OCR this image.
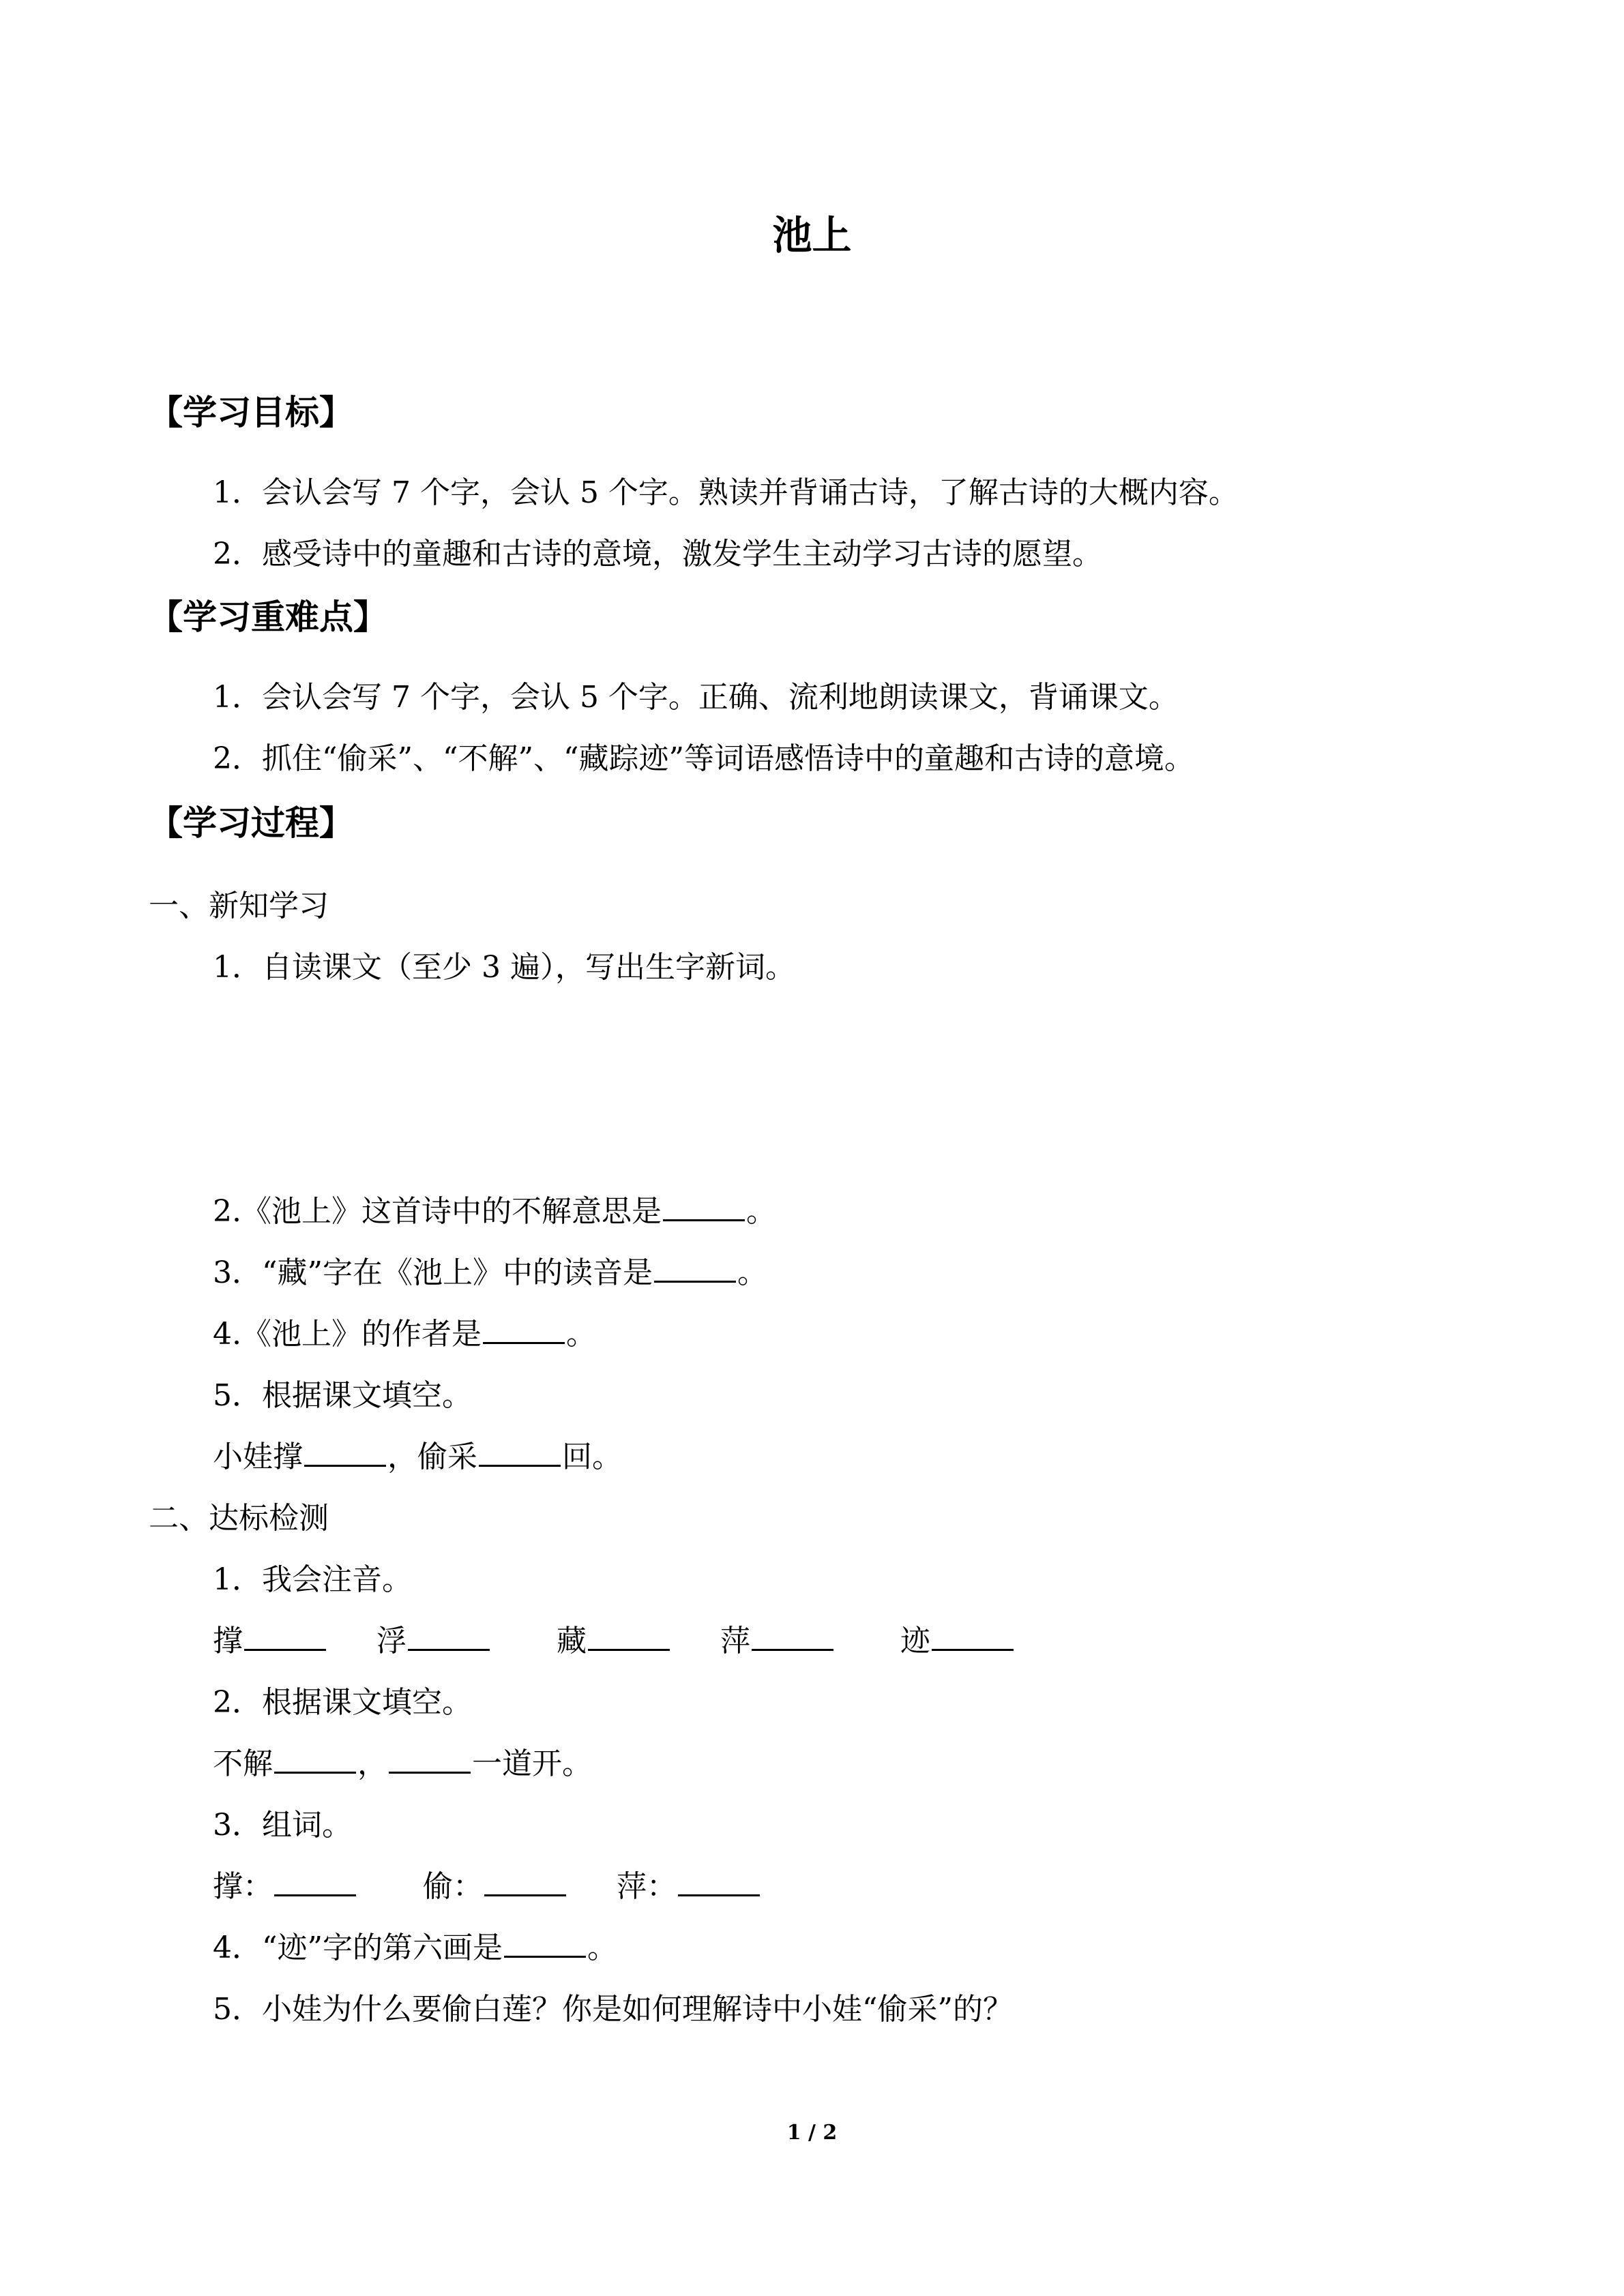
池上
【学习目标】
1．会认会写 7 个字，会认 5 个字。熟读并背诵古诗，了解古诗的大概内容。
2．感受诗中的童趣和古诗的意境，激发学生主动学习古诗的愿望。
【学习重难点】
1．会认会写 7 个字，会认 5 个字。正确、流利地朗读课文，背诵课文。
2．抓住“偷采”、“不解”、“藏踪迹”等词语感悟诗中的童趣和古诗的意境。
【学习过程】
一、新知学习
1．自读课文（至少 3 遍），写出生字新词。
2.《池上》这首诗中的不解意思是	。
3．“藏”字在《池上》中的读音是	。
4.《池上》的作者是	。
5．根据课文填空。
小娃撑	，偷采	回。
二、达标检测
1．我会注音。
撑	浮	藏	萍	迹
2．根据课文填空。
不解	，	一道开。
3．组词。
撑：	偷：	萍：
4．“迹”字的第六画是	。
5．小娃为什么要偷白莲？你是如何理解诗中小娃“偷采”的？
1 / 2
